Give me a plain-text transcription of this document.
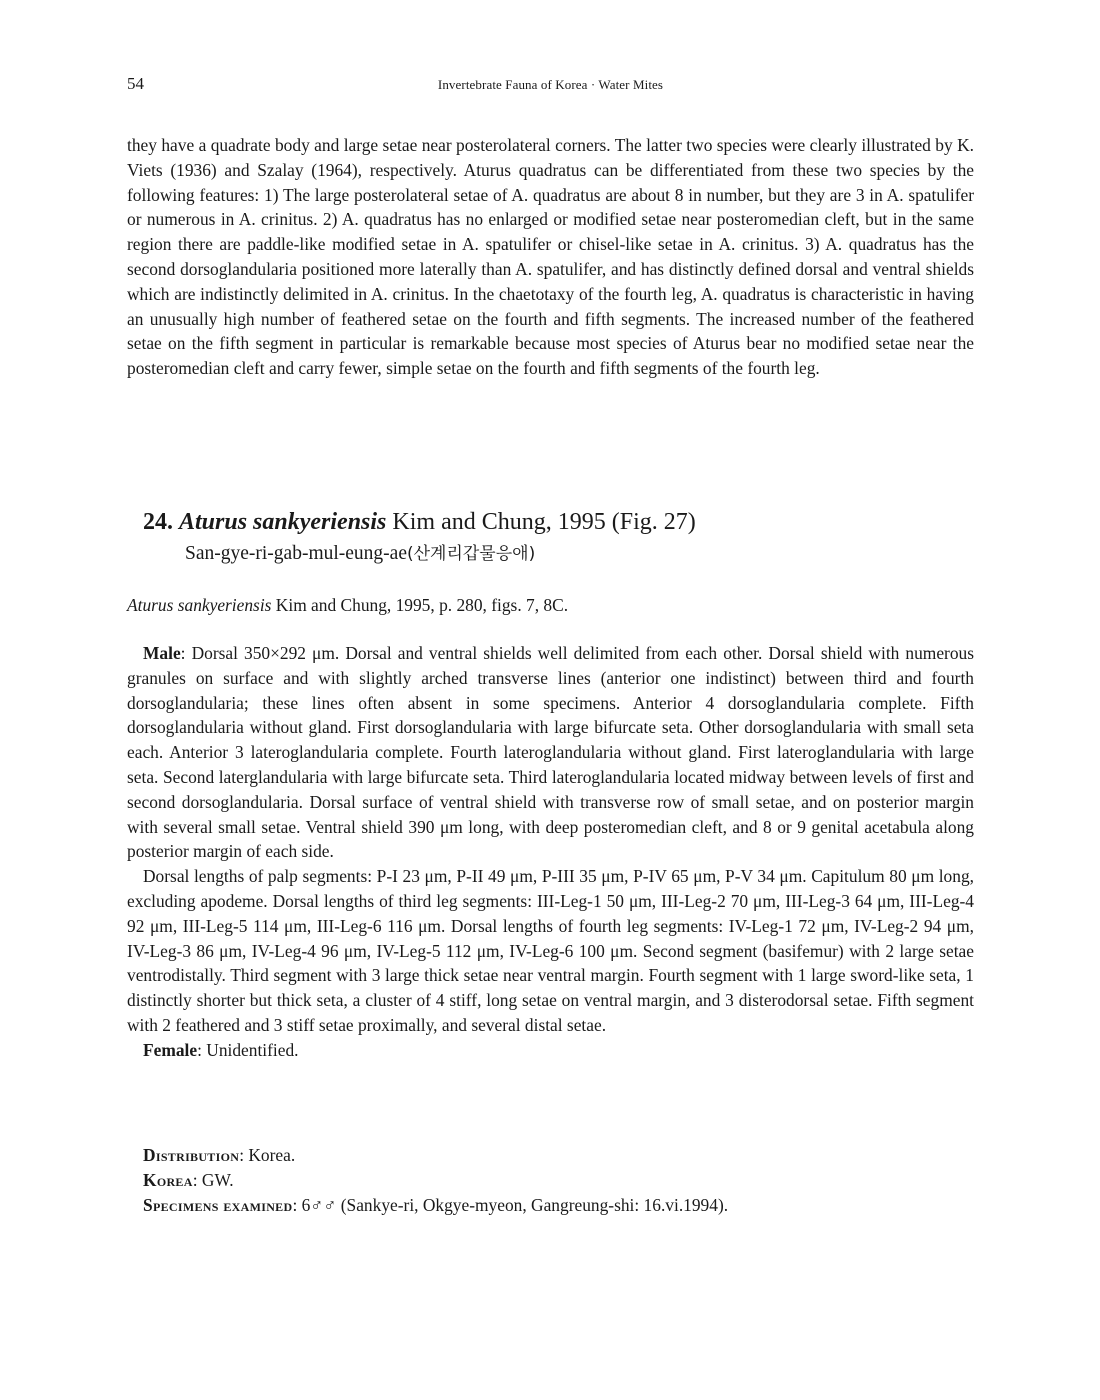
54	Invertebrate Fauna of Korea · Water Mites
they have a quadrate body and large setae near posterolateral corners. The latter two species were clearly illustrated by K. Viets (1936) and Szalay (1964), respectively. Aturus quadratus can be differentiated from these two species by the following features: 1) The large posterolateral setae of A. quadratus are about 8 in number, but they are 3 in A. spatulifer or numerous in A. crinitus. 2) A. quadratus has no enlarged or modified setae near posteromedian cleft, but in the same region there are paddle-like modified setae in A. spatulifer or chisel-like setae in A. crinitus. 3) A. quadratus has the second dorsoglandularia positioned more laterally than A. spatulifer, and has distinctly defined dorsal and ventral shields which are indistinctly delimited in A. crinitus. In the chaetotaxy of the fourth leg, A. quadratus is characteristic in having an unusually high number of feathered setae on the fourth and fifth segments. The increased number of the feathered setae on the fifth segment in particular is remarkable because most species of Aturus bear no modified setae near the posteromedian cleft and carry fewer, simple setae on the fourth and fifth segments of the fourth leg.
24. Aturus sankyeriensis Kim and Chung, 1995 (Fig. 27)
San-gye-ri-gab-mul-eung-ae(산계리갑물응애)
Aturus sankyeriensis Kim and Chung, 1995, p. 280, figs. 7, 8C.

Male: Dorsal 350×292 μm. Dorsal and ventral shields well delimited from each other. Dorsal shield with numerous granules on surface and with slightly arched transverse lines (anterior one indistinct) between third and fourth dorsoglandularia; these lines often absent in some specimens. Anterior 4 dorsoglandularia complete. Fifth dorsoglandularia without gland. First dorsoglandularia with large bifurcate seta. Other dorsoglandularia with small seta each. Anterior 3 lateroglandularia complete. Fourth lateroglandularia without gland. First lateroglandularia with large seta. Second laterglandularia with large bifurcate seta. Third lateroglandularia located midway between levels of first and second dorsoglandularia. Dorsal surface of ventral shield with transverse row of small setae, and on posterior margin with several small setae. Ventral shield 390 μm long, with deep posteromedian cleft, and 8 or 9 genital acetabula along posterior margin of each side.

Dorsal lengths of palp segments: P-I 23 μm, P-II 49 μm, P-III 35 μm, P-IV 65 μm, P-V 34 μm. Capitulum 80 μm long, excluding apodeme. Dorsal lengths of third leg segments: III-Leg-1 50 μm, III-Leg-2 70 μm, III-Leg-3 64 μm, III-Leg-4 92 μm, III-Leg-5 114 μm, III-Leg-6 116 μm. Dorsal lengths of fourth leg segments: IV-Leg-1 72 μm, IV-Leg-2 94 μm, IV-Leg-3 86 μm, IV-Leg-4 96 μm, IV-Leg-5 112 μm, IV-Leg-6 100 μm. Second segment (basifemur) with 2 large setae ventrodistally. Third segment with 3 large thick setae near ventral margin. Fourth segment with 1 large sword-like seta, 1 distinctly shorter but thick seta, a cluster of 4 stiff, long setae on ventral margin, and 3 disterodorsal setae. Fifth segment with 2 feathered and 3 stiff setae proximally, and several distal setae.

Female: Unidentified.

Distribution: Korea.
Korea: GW.
Specimens examined: 6♂♂ (Sankye-ri, Okgye-myeon, Gangreung-shi: 16.vi.1994).
